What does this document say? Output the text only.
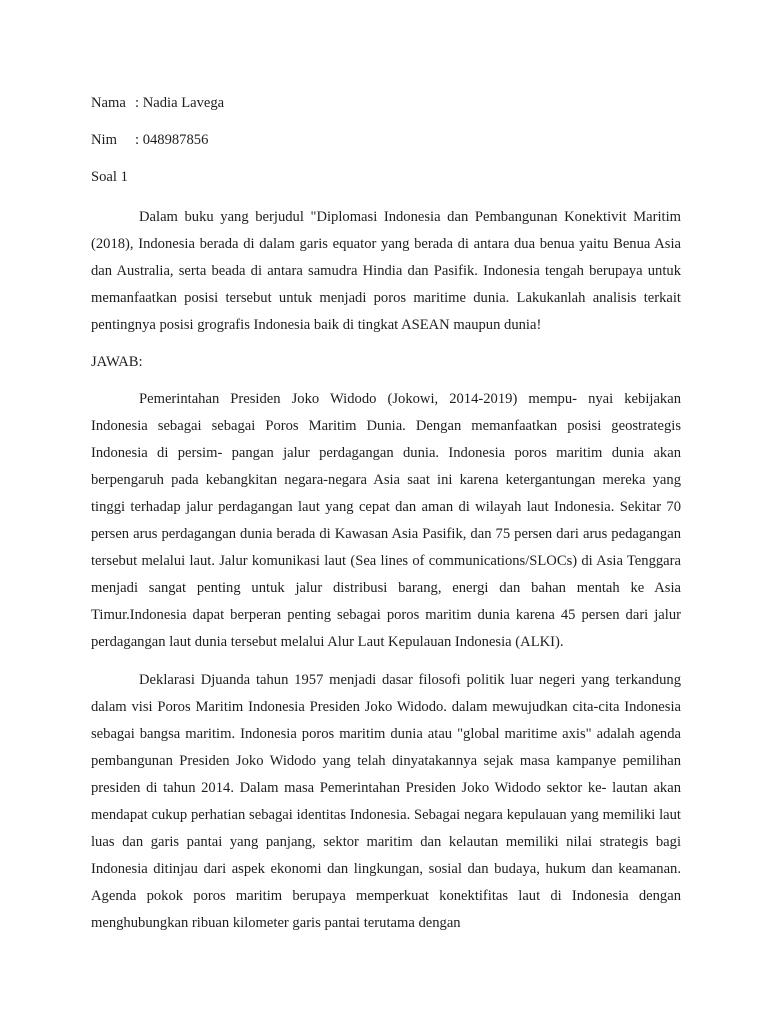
Nama : Nadia Lavega
Nim : 048987856
Soal 1

Dalam buku yang berjudul "Diplomasi Indonesia dan Pembangunan Konektivit Maritim (2018), Indonesia berada di dalam garis equator yang berada di antara dua benua yaitu Benua Asia dan Australia, serta beada di antara samudra Hindia dan Pasifik. Indonesia tengah berupaya untuk memanfaatkan posisi tersebut untuk menjadi poros maritime dunia. Lakukanlah analisis terkait pentingnya posisi grografis Indonesia baik di tingkat ASEAN maupun dunia!

JAWAB:

Pemerintahan Presiden Joko Widodo (Jokowi, 2014-2019) mempu- nyai kebijakan Indonesia sebagai sebagai Poros Maritim Dunia. Dengan memanfaatkan posisi geostrategis Indonesia di persim- pangan jalur perdagangan dunia. Indonesia poros maritim dunia akan berpengaruh pada kebangkitan negara-negara Asia saat ini karena ketergantungan mereka yang tinggi terhadap jalur perdagangan laut yang cepat dan aman di wilayah laut Indonesia. Sekitar 70 persen arus perdagangan dunia berada di Kawasan Asia Pasifik, dan 75 persen dari arus pedagangan tersebut melalui laut. Jalur komunikasi laut (Sea lines of communications/SLOCs) di Asia Tenggara menjadi sangat penting untuk jalur distribusi barang, energi dan bahan mentah ke Asia Timur.Indonesia dapat berperan penting sebagai poros maritim dunia karena 45 persen dari jalur perdagangan laut dunia tersebut melalui Alur Laut Kepulauan Indonesia (ALKI).

Deklarasi Djuanda tahun 1957 menjadi dasar filosofi politik luar negeri yang terkandung dalam visi Poros Maritim Indonesia Presiden Joko Widodo. dalam mewujudkan cita-cita Indonesia sebagai bangsa maritim. Indonesia poros maritim dunia atau "global maritime axis" adalah agenda pembangunan Presiden Joko Widodo yang telah dinyatakannya sejak masa kampanye pemilihan presiden di tahun 2014. Dalam masa Pemerintahan Presiden Joko Widodo sektor ke- lautan akan mendapat cukup perhatian sebagai identitas Indonesia. Sebagai negara kepulauan yang memiliki laut luas dan garis pantai yang panjang, sektor maritim dan kelautan memiliki nilai strategis bagi Indonesia ditinjau dari aspek ekonomi dan lingkungan, sosial dan budaya, hukum dan keamanan. Agenda pokok poros maritim berupaya memperkuat konektifitas laut di Indonesia dengan menghubungkan ribuan kilometer garis pantai terutama dengan
